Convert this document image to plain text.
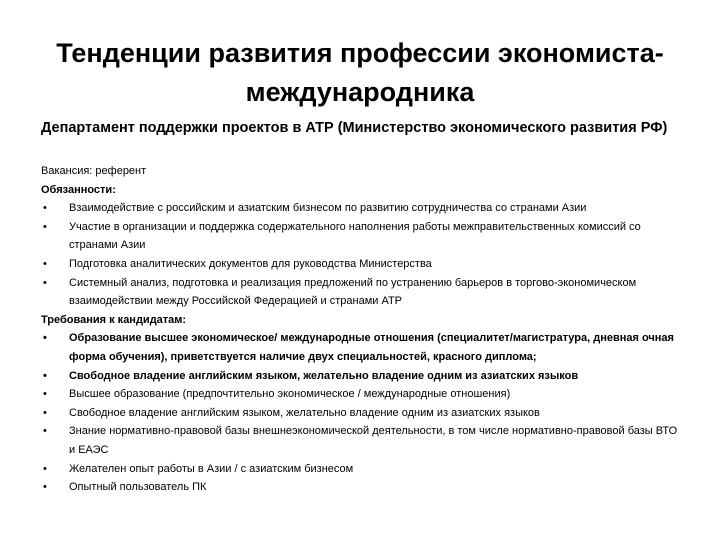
Тенденции развития профессии экономиста-
международника

Департамент поддержки проектов в АТР (Министерство экономического развития РФ)

Вакансия: референт

Обязанности:

•	Взаимодействие с российским и азиатским бизнесом по развитию сотрудничества со странами Азии
•	Участие в организации и поддержка содержательного наполнения работы межправительственных комиссий со странами Азии
•	Подготовка аналитических документов для руководства Министерства
•	Системный анализ, подготовка и реализация предложений по устранению барьеров в торгово-экономическом взаимодействии между Российской Федерацией и странами АТР

Требования к кандидатам:

•	Образование высшее экономическое/ международные отношения (специалитет/магистратура, дневная очная форма обучения), приветствуется наличие двух специальностей, красного диплома;
•	Свободное владение английским языком, желательно владение одним из азиатских языков
•	Высшее образование (предпочтительно экономическое / международные отношения)
•	Свободное владение английским языком, желательно владение одним из азиатских языков
•	Знание нормативно-правовой базы внешнеэкономической деятельности, в том числе нормативно-правовой базы ВТО и ЕАЭС
•	Желателен опыт работы в Азии / с азиатским бизнесом
•	Опытный пользователь ПК
